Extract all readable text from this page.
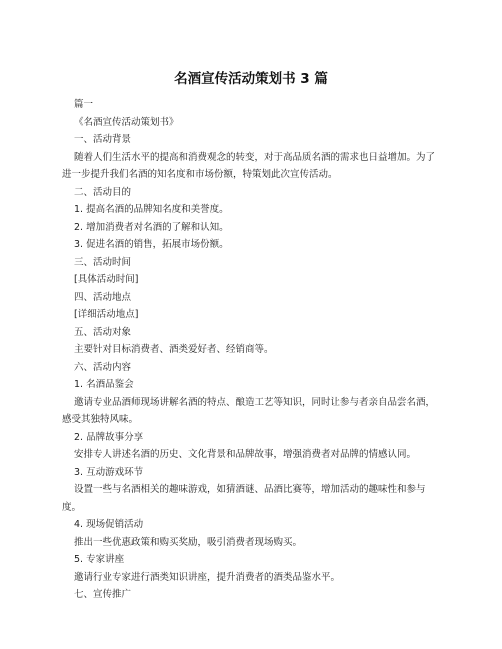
名酒宣传活动策划书 3 篇

篇一

《名酒宣传活动策划书》

一、活动背景

随着人们生活水平的提高和消费观念的转变，对于高品质名酒的需求也日益增加。为了进一步提升我们名酒的知名度和市场份额，特策划此次宣传活动。

二、活动目的

1. 提高名酒的品牌知名度和美誉度。

2. 增加消费者对名酒的了解和认知。

3. 促进名酒的销售，拓展市场份额。

三、活动时间

[具体活动时间]

四、活动地点

[详细活动地点]

五、活动对象

主要针对目标消费者、酒类爱好者、经销商等。

六、活动内容

1. 名酒品鉴会

邀请专业品酒师现场讲解名酒的特点、酿造工艺等知识，同时让参与者亲自品尝名酒，感受其独特风味。

2. 品牌故事分享

安排专人讲述名酒的历史、文化背景和品牌故事，增强消费者对品牌的情感认同。

3. 互动游戏环节

设置一些与名酒相关的趣味游戏，如猜酒谜、品酒比赛等，增加活动的趣味性和参与度。

4. 现场促销活动

推出一些优惠政策和购买奖励，吸引消费者现场购买。

5. 专家讲座

邀请行业专家进行酒类知识讲座，提升消费者的酒类品鉴水平。

七、宣传推广
